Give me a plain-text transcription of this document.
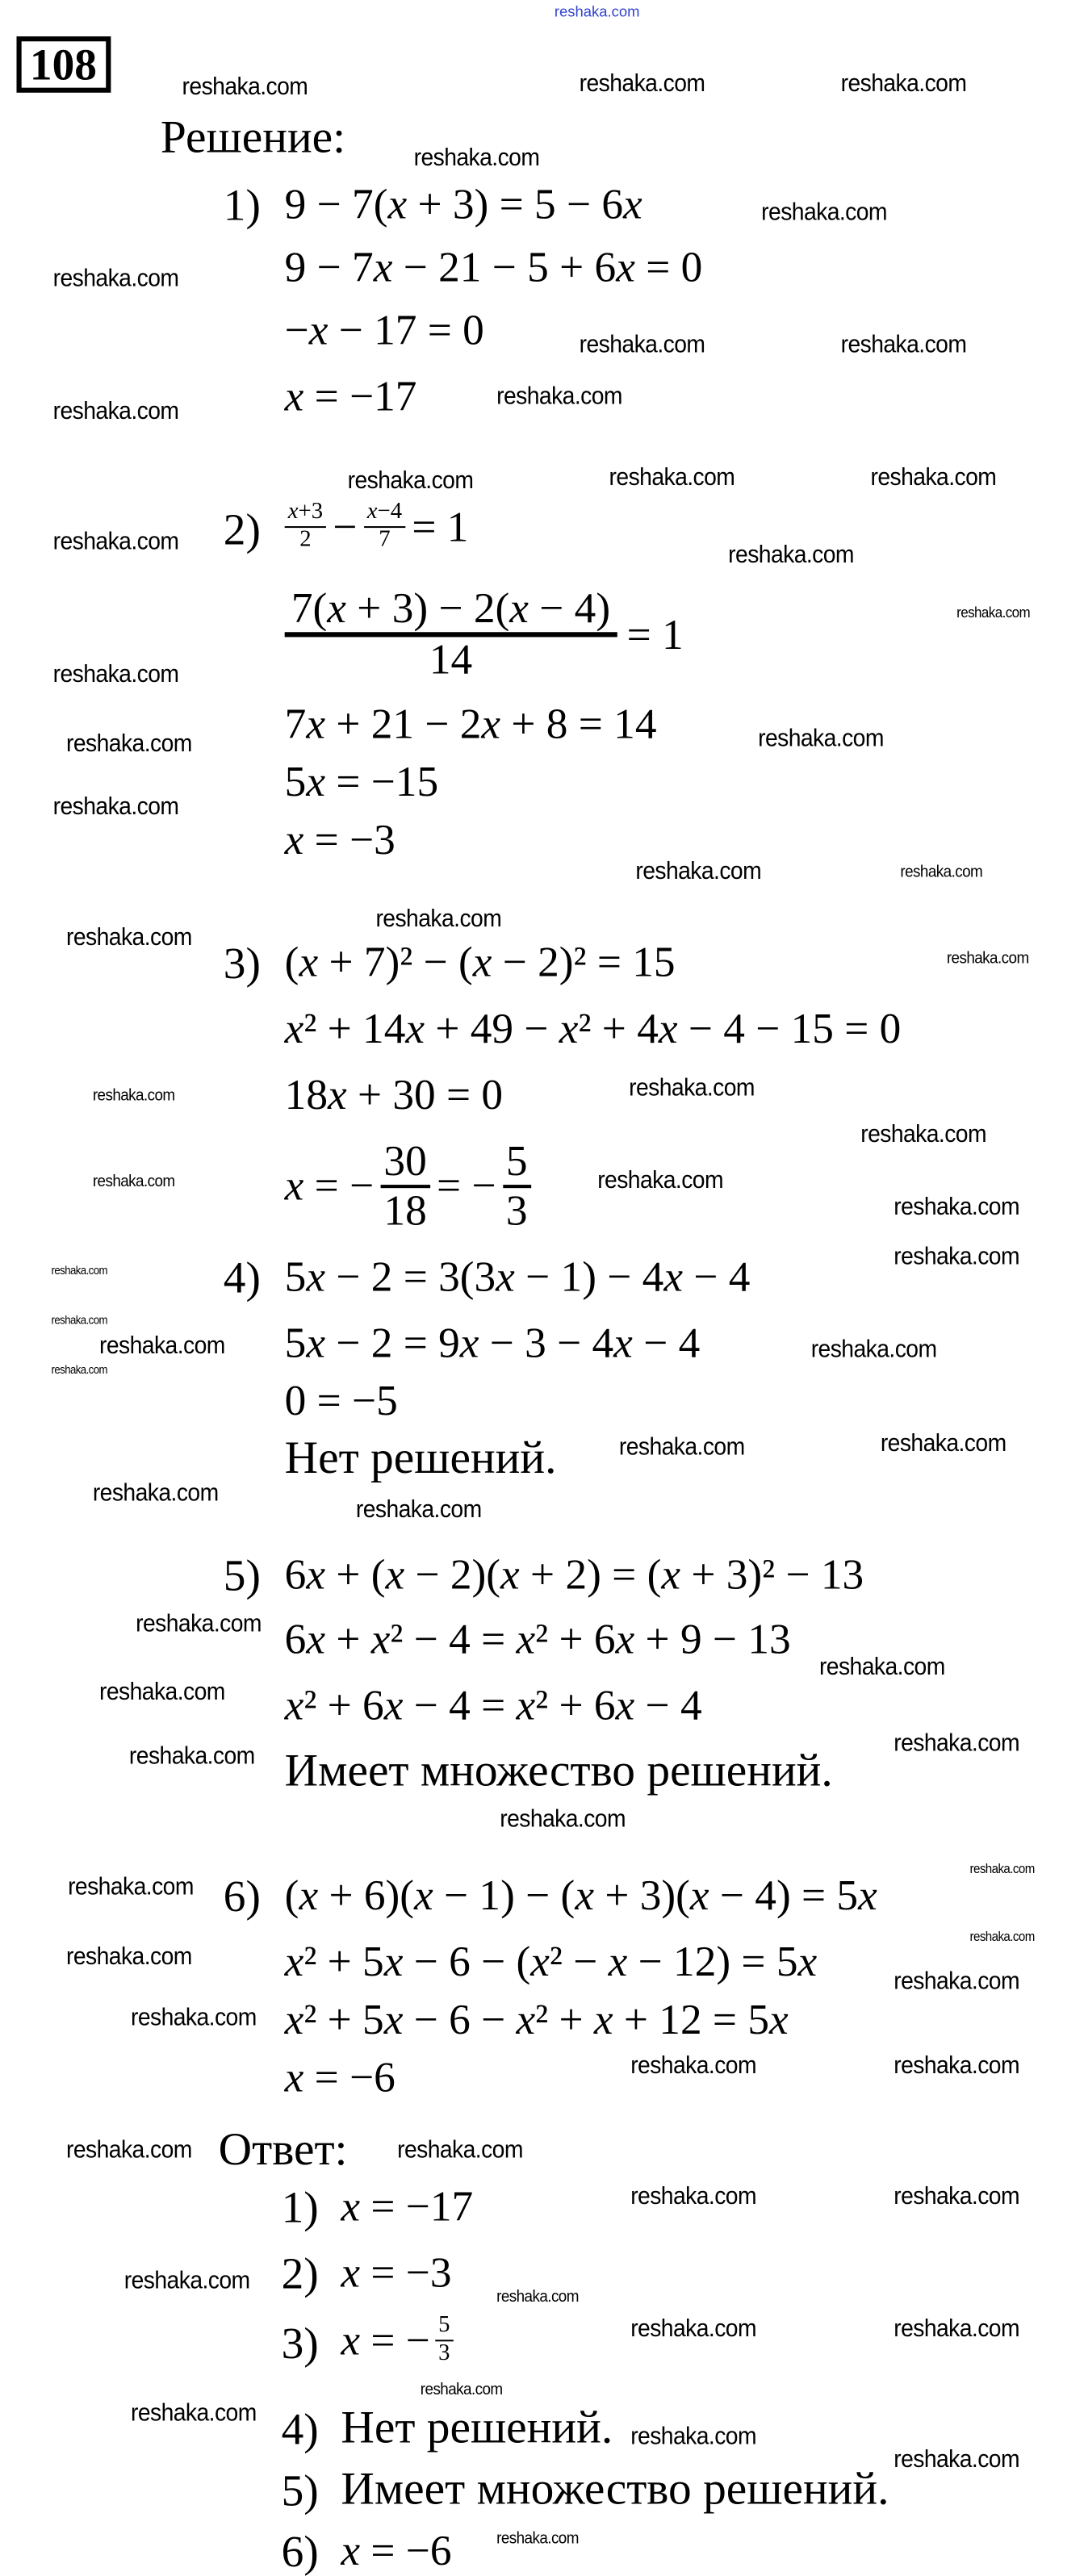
reshaka.com
108
Решение:
1) 9 − 7(x + 3) = 5 − 6x
9 − 7x − 21 − 5 + 6x = 0
−x − 17 = 0
x = −17
$2) \frac{x+3}{2} - \frac{x-4}{7} = 1$
$\frac{7(x + 3) - 2(x - 4)}{14} = 1$
7x + 21 − 2x + 8 = 14
5x = −15
x = −3
3) (x + 7)² − (x − 2)² = 15
x² + 14x + 49 − x² + 4x − 4 − 15 = 0
18x + 30 = 0
x = − $\frac{30}{18}$ = − $\frac{5}{3}$
4) 5x − 2 = 3(3x − 1) − 4x − 4
5x − 2 = 9x − 3 − 4x − 4
0 = −5
Нет решений.
5) 6x + (x − 2)(x + 2) = (x + 3)² − 13
6x + x² − 4 = x² + 6x + 9 − 13
x² + 6x − 4 = x² + 6x − 4
Имеет множество решений.
6) (x + 6)(x − 1) − (x + 3)(x − 4) = 5x
x² + 5x − 6 − (x² − x − 12) = 5x
x² + 5x − 6 − x² + x + 12 = 5x
x = −6
Ответ:
1) x = −17
2) x = −3
3) x = − $\frac{5}{3}$
4) Нет решений.
5) Имеет множество решений.
6) x = −6
reshaka.com	reshaka.com
reshaka.com
reshaka.com
reshaka.com
reshaka.com
reshaka.com	reshaka.com
reshaka.com
reshaka.com
reshaka.com	reshaka.com	reshaka.com
reshaka.com	reshaka.com
reshaka.com
reshaka.com
reshaka.com	reshaka.com
reshaka.com
reshaka.com	reshaka.com
reshaka.com
reshaka.com
reshaka.com
reshaka.com
reshaka.com
reshaka.com
reshaka.com
reshaka.com	reshaka.com
reshaka.com
reshaka.com
reshaka.com
reshaka.com	reshaka.com
reshaka.com
reshaka.com	reshaka.com
reshaka.com
reshaka.com
reshaka.com
reshaka.com
reshaka.com
reshaka.com
reshaka.com
reshaka.com
reshaka.com
reshaka.com
reshaka.com
reshaka.com
reshaka.com
reshaka.com
reshaka.com	reshaka.com
reshaka.com	reshaka.com
reshaka.com	reshaka.com
reshaka.com
reshaka.com
reshaka.com	reshaka.com
reshaka.com
reshaka.com
reshaka.com
reshaka.com
reshaka.com
